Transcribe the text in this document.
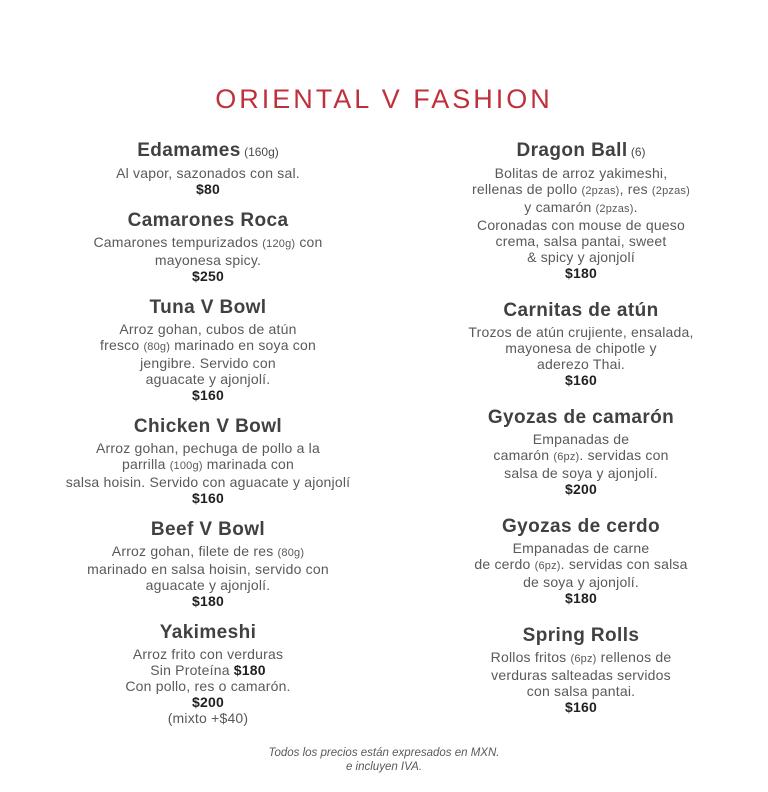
ORIENTAL V FASHION
Edamames (160g)
Al vapor, sazonados con sal.
$80
Camarones Roca
Camarones tempurizados (120g) con
mayonesa spicy.
$250
Tuna V Bowl
Arroz gohan, cubos de atún
fresco (80g) marinado en soya con
jengibre. Servido con
aguacate y ajonjolí.
$160
Chicken V Bowl
Arroz gohan, pechuga de pollo a la
parrilla (100g) marinada con
salsa hoisin. Servido con aguacate y ajonjolí
$160
Beef V Bowl
Arroz gohan, filete de res (80g)
marinado en salsa hoisin, servido con
aguacate y ajonjolí.
$180
Yakimeshi
Arroz frito con verduras
Sin Proteína $180
Con pollo, res o camarón.
$200
(mixto +$40)
Dragon Ball (6)
Bolitas de arroz yakimeshi,
rellenas de pollo (2pzas), res (2pzas)
y camarón (2pzas).
Coronadas con mouse de queso
crema, salsa pantai, sweet
& spicy y ajonjolí
$180
Carnitas de atún
Trozos de atún crujiente, ensalada,
mayonesa de chipotle y
aderezo Thai.
$160
Gyozas de camarón
Empanadas de
camarón (6pz). servidas con
salsa de soya y ajonjolí.
$200
Gyozas de cerdo
Empanadas de carne
de cerdo (6pz). servidas con salsa
de soya y ajonjolí.
$180
Spring Rolls
Rollos fritos (6pz) rellenos de
verduras salteadas servidos
con salsa pantai.
$160
Todos los precios están expresados en MXN.
e incluyen IVA.
